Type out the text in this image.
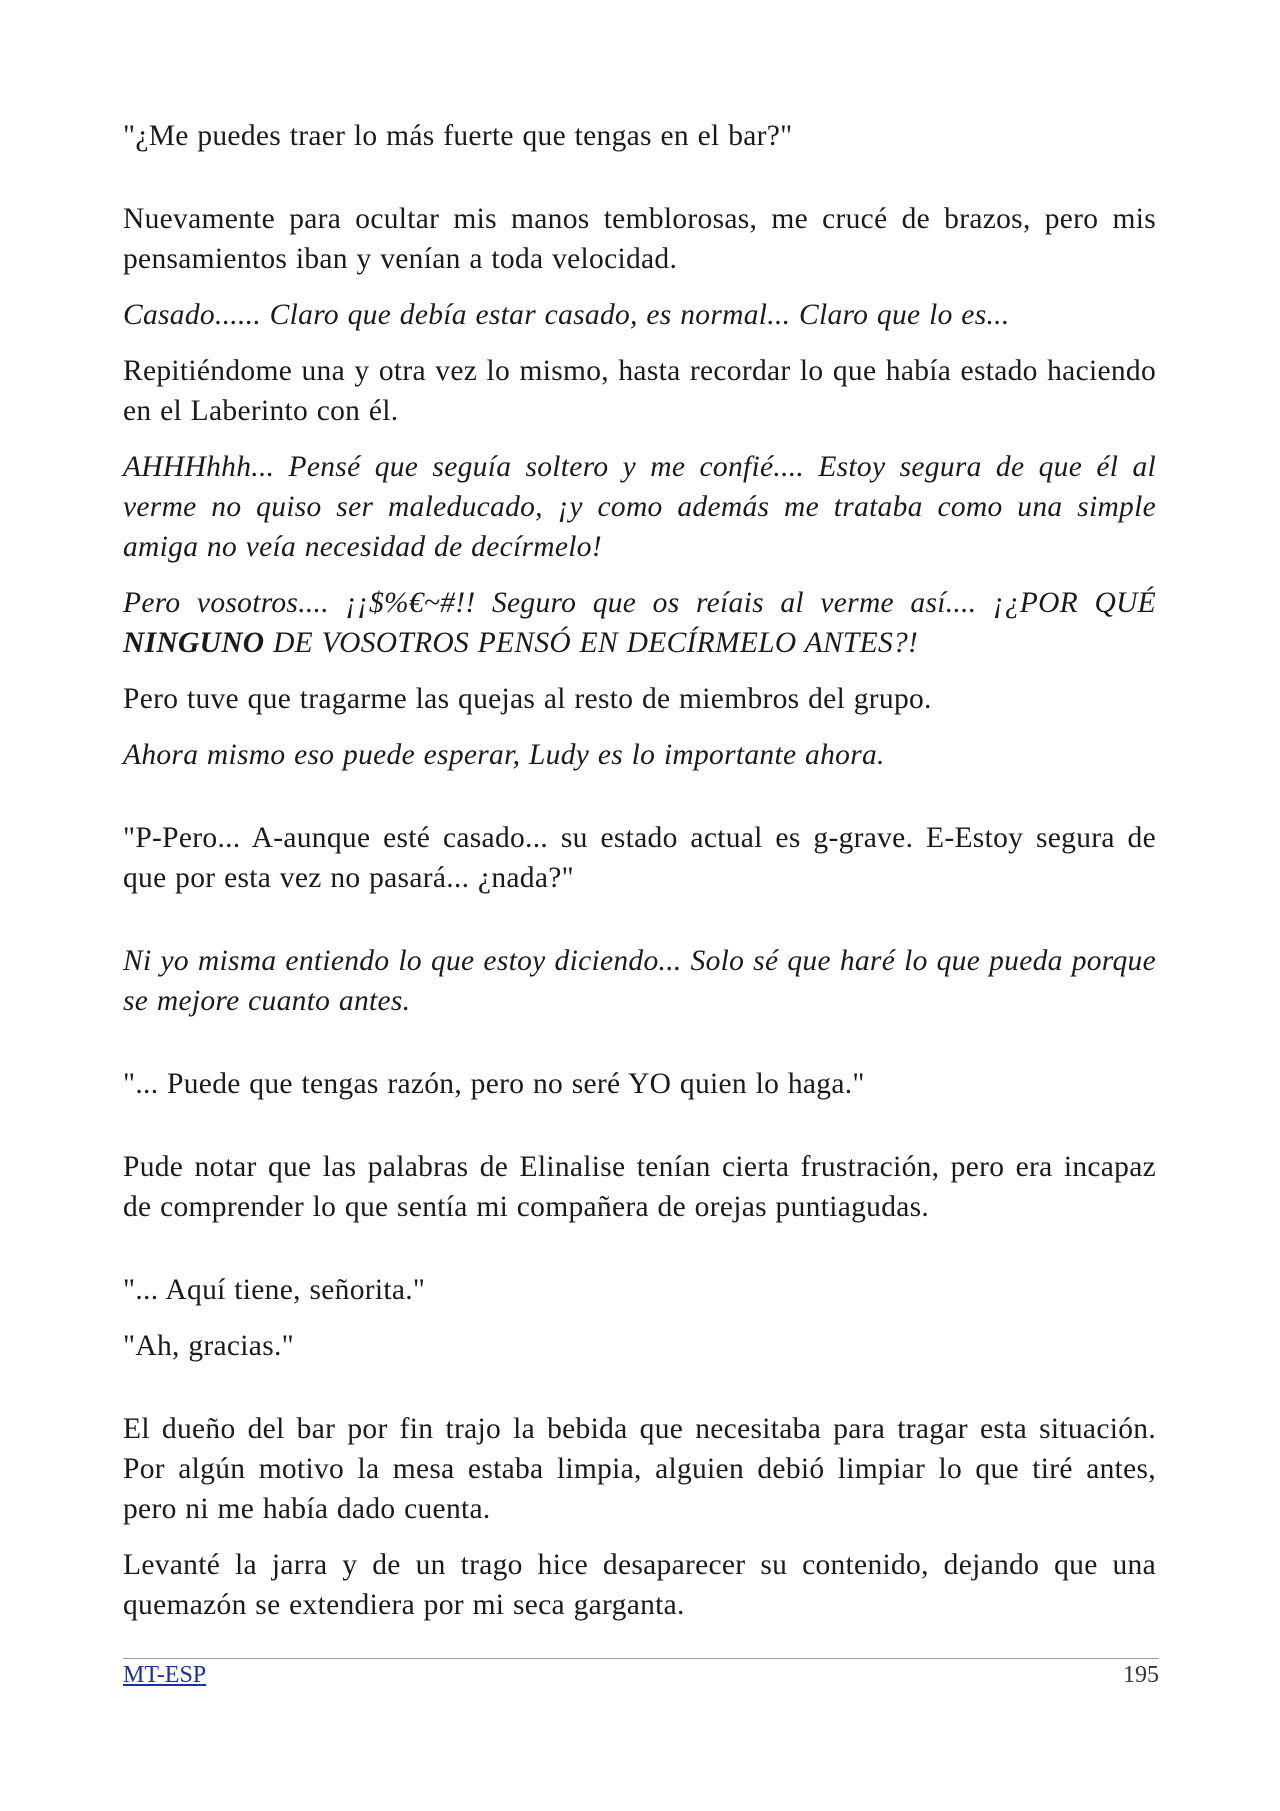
"¿Me puedes traer lo más fuerte que tengas en el bar?"

Nuevamente para ocultar mis manos temblorosas, me crucé de brazos, pero mis pensamientos iban y venían a toda velocidad.

Casado...... Claro que debía estar casado, es normal... Claro que lo es...

Repitiéndome una y otra vez lo mismo, hasta recordar lo que había estado haciendo en el Laberinto con él.

AHHHhhh... Pensé que seguía soltero y me confié.... Estoy segura de que él al verme no quiso ser maleducado, ¡y como además me trataba como una simple amiga no veía necesidad de decírmelo!

Pero vosotros.... ¡¡$%€~#!! Seguro que os reíais al verme así.... ¡¿POR QUÉ NINGUNO DE VOSOTROS PENSÓ EN DECÍRMELO ANTES?!

Pero tuve que tragarme las quejas al resto de miembros del grupo.

Ahora mismo eso puede esperar, Ludy es lo importante ahora.

"P-Pero... A-aunque esté casado... su estado actual es g-grave. E-Estoy segura de que por esta vez no pasará... ¿nada?"

Ni yo misma entiendo lo que estoy diciendo... Solo sé que haré lo que pueda porque se mejore cuanto antes.

"... Puede que tengas razón, pero no seré YO quien lo haga."

Pude notar que las palabras de Elinalise tenían cierta frustración, pero era incapaz de comprender lo que sentía mi compañera de orejas puntiagudas.

"... Aquí tiene, señorita."

"Ah, gracias."

El dueño del bar por fin trajo la bebida que necesitaba para tragar esta situación. Por algún motivo la mesa estaba limpia, alguien debió limpiar lo que tiré antes, pero ni me había dado cuenta.

Levanté la jarra y de un trago hice desaparecer su contenido, dejando que una quemazón se extendiera por mi seca garganta.

MT-ESP	195
